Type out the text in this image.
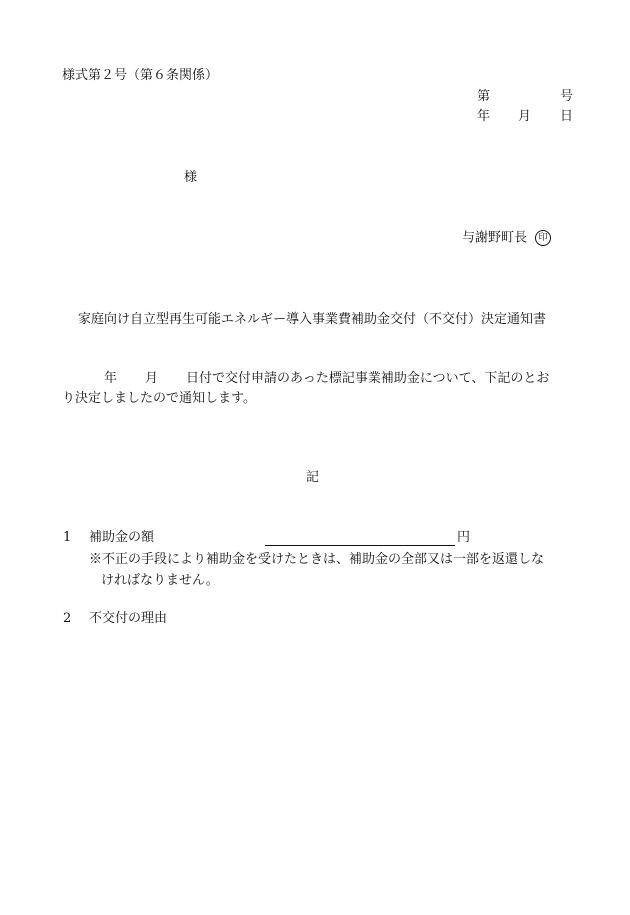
様式第２号（第６条関係）
第	号
年 月 日
様
与謝野町長 印
家庭向け自立型再生可能エネルギー導入事業費補助金交付（不交付）決定通知書
年 月 日付で交付申請のあった標記事業補助金について、下記のとお
り決定しましたので通知します。
記
1 補助金の額	円
※不正の手段により補助金を受けたときは、補助金の全部又は一部を返還しな
ければなりません。
2 不交付の理由
